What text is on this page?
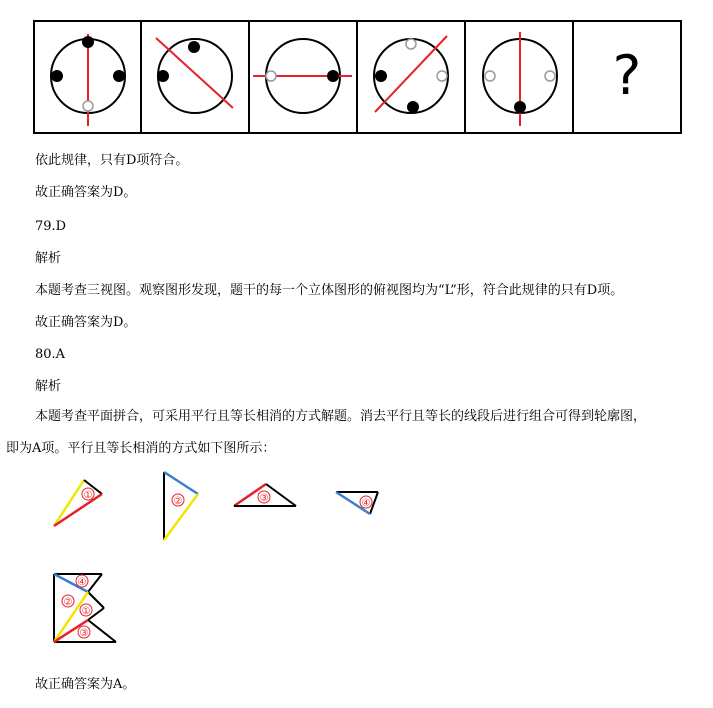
?
依此规律，只有D项符合。
故正确答案为D。
79.D
解析
本题考查三视图。观察图形发现，题干的每一个立体图形的俯视图均为“L”形，符合此规律的只有D项。
故正确答案为D。
80.A
解析
本题考查平面拼合，可采用平行且等长相消的方式解题。消去平行且等长的线段后进行组合可得到轮廓图，
即为A项。平行且等长相消的方式如下图所示：
①
②	③	④
④
②
①
③
故正确答案为A。
